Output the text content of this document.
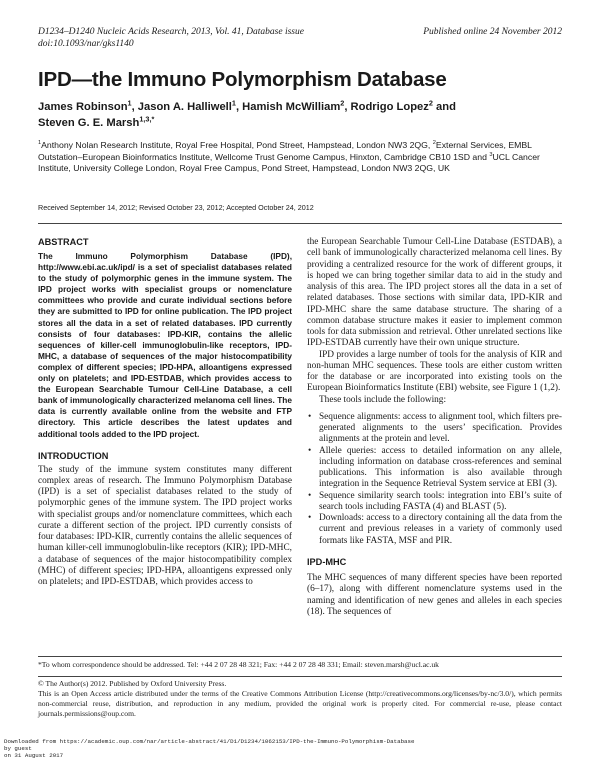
D1234–D1240 Nucleic Acids Research, 2013, Vol. 41, Database issue
doi:10.1093/nar/gks1140
Published online 24 November 2012
IPD—the Immuno Polymorphism Database
James Robinson$^1$, Jason A. Halliwell$^1$, Hamish McWilliam$^2$, Rodrigo Lopez$^2$ and
Steven G. E. Marsh$^{1,3,*}$
$^1$Anthony Nolan Research Institute, Royal Free Hospital, Pond Street, Hampstead, London NW3 2QG, $^2$External Services, EMBL Outstation–European Bioinformatics Institute, Wellcome Trust Genome Campus, Hinxton, Cambridge CB10 1SD and $^3$UCL Cancer Institute, University College London, Royal Free Campus, Pond Street, Hampstead, London NW3 2QG, UK
Received September 14, 2012; Revised October 23, 2012; Accepted October 24, 2012
ABSTRACT

The Immuno Polymorphism Database (IPD), http://www.ebi.ac.uk/ipd/ is a set of specialist databases related to the study of polymorphic genes in the immune system. The IPD project works with specialist groups or nomenclature committees who provide and curate individual sections before they are submitted to IPD for online publication. The IPD project stores all the data in a set of related databases. IPD currently consists of four databases: IPD-KIR, contains the allelic sequences of killer-cell immunoglobulin-like receptors, IPD-MHC, a database of sequences of the major histocompatibility complex of different species; IPD-HPA, alloantigens expressed only on platelets; and IPD-ESTDAB, which provides access to the European Searchable Tumour Cell-Line Database, a cell bank of immunologically characterized melanoma cell lines. The data is currently available online from the website and FTP directory. This article describes the latest updates and additional tools added to the IPD project.

INTRODUCTION

The study of the immune system constitutes many different complex areas of research. The Immuno Polymorphism Database (IPD) is a set of specialist databases related to the study of polymorphic genes of the immune system. The IPD project works with specialist groups and/or nomenclature committees, which each curate a different section of the project. IPD currently consists of four databases: IPD-KIR, currently contains the allelic sequences of human killer-cell immunoglobulin-like receptors (KIR); IPD-MHC, a database of sequences of the major histocompatibility complex (MHC) of different species; IPD-HPA, alloantigens expressed only on platelets; and IPD-ESTDAB, which provides access to

the European Searchable Tumour Cell-Line Database (ESTDAB), a cell bank of immunologically characterized melanoma cell lines. By providing a centralized resource for the work of different groups, it is hoped we can bring together similar data to aid in the study and analysis of this area. The IPD project stores all the data in a set of related databases. Those sections with similar data, IPD-KIR and IPD-MHC share the same database structure. The sharing of a common database structure makes it easier to implement common tools for data submission and retrieval. Other unrelated sections like IPD-ESTDAB currently have their own unique structure.

IPD provides a large number of tools for the analysis of KIR and non-human MHC sequences. These tools are either custom written for the database or are incorporated into existing tools on the European Bioinformatics Institute (EBI) website, see Figure 1 (1,2).

These tools include the following:

• Sequence alignments: access to alignment tool, which filters pre-generated alignments to the users’ specification. Provides alignments at the protein and level.
• Allele queries: access to detailed information on any allele, including information on database cross-references and seminal publications. This information is also available through integration in the Sequence Retrieval System service at EBI (3).
• Sequence similarity search tools: integration into EBI’s suite of search tools including FASTA (4) and BLAST (5).
• Downloads: access to a directory containing all the data from the current and previous releases in a variety of commonly used formats like FASTA, MSF and PIR.
IPD-MHC

The MHC sequences of many different species have been reported (6–17), along with different nomenclature systems used in the naming and identification of new genes and alleles in each species (18). The sequences of

*To whom correspondence should be addressed. Tel: +44 2 07 28 48 321; Fax: +44 2 07 28 48 331; Email: steven.marsh@ucl.ac.uk
© The Author(s) 2012. Published by Oxford University Press.
This is an Open Access article distributed under the terms of the Creative Commons Attribution License (http://creativecommons.org/licenses/by-nc/3.0/), which permits non-commercial reuse, distribution, and reproduction in any medium, provided the original work is properly cited. For commercial re-use, please contact journals.permissions@oup.com.
Downloaded from https://academic.oup.com/nar/article-abstract/41/D1/D1234/1062153/IPD-the-Immuno-Polymorphism-Database
by guest
on 31 August 2017
